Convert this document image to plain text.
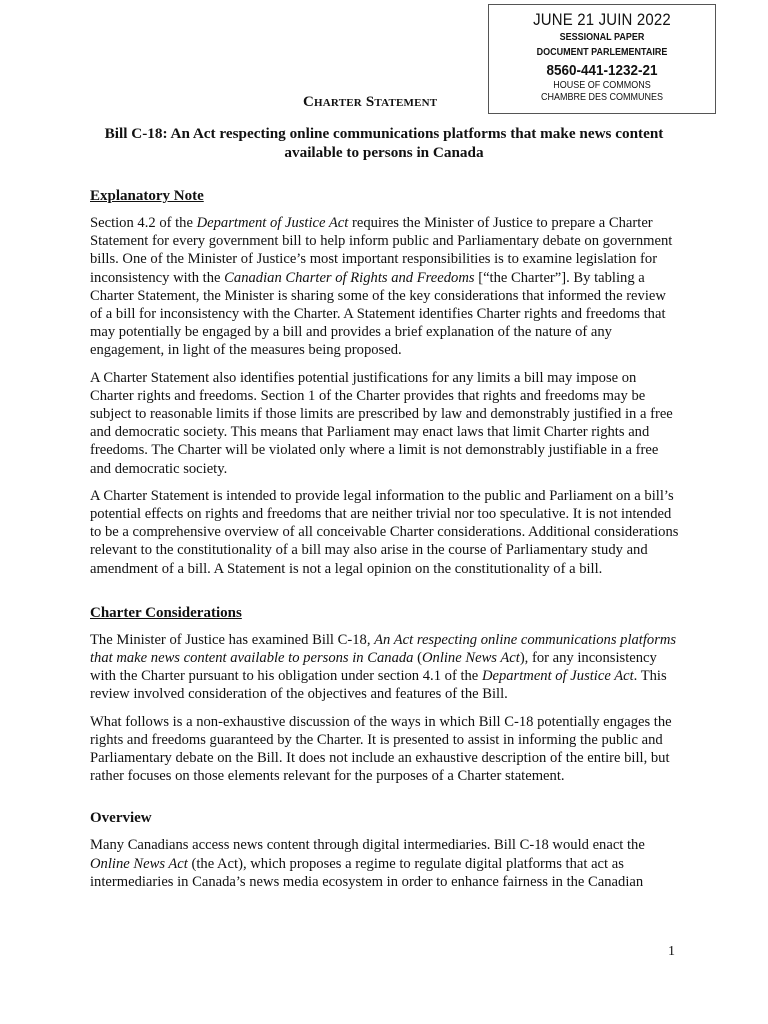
JUNE 21 JUIN 2022
SESSIONAL PAPER
DOCUMENT PARLEMENTAIRE
8560-441-1232-21
HOUSE OF COMMONS
CHAMBRE DES COMMUNES
Charter Statement
Bill C-18: An Act respecting online communications platforms that make news content available to persons in Canada
Explanatory Note

Section 4.2 of the Department of Justice Act requires the Minister of Justice to prepare a Charter Statement for every government bill to help inform public and Parliamentary debate on government bills. One of the Minister of Justice’s most important responsibilities is to examine legislation for inconsistency with the Canadian Charter of Rights and Freedoms [“the Charter”]. By tabling a Charter Statement, the Minister is sharing some of the key considerations that informed the review of a bill for inconsistency with the Charter. A Statement identifies Charter rights and freedoms that may potentially be engaged by a bill and provides a brief explanation of the nature of any engagement, in light of the measures being proposed.

A Charter Statement also identifies potential justifications for any limits a bill may impose on Charter rights and freedoms. Section 1 of the Charter provides that rights and freedoms may be subject to reasonable limits if those limits are prescribed by law and demonstrably justified in a free and democratic society. This means that Parliament may enact laws that limit Charter rights and freedoms. The Charter will be violated only where a limit is not demonstrably justifiable in a free and democratic society.

A Charter Statement is intended to provide legal information to the public and Parliament on a bill’s potential effects on rights and freedoms that are neither trivial nor too speculative. It is not intended to be a comprehensive overview of all conceivable Charter considerations. Additional considerations relevant to the constitutionality of a bill may also arise in the course of Parliamentary study and amendment of a bill. A Statement is not a legal opinion on the constitutionality of a bill.

Charter Considerations

The Minister of Justice has examined Bill C-18, An Act respecting online communications platforms that make news content available to persons in Canada (Online News Act), for any inconsistency with the Charter pursuant to his obligation under section 4.1 of the Department of Justice Act. This review involved consideration of the objectives and features of the Bill.

What follows is a non-exhaustive discussion of the ways in which Bill C-18 potentially engages the rights and freedoms guaranteed by the Charter. It is presented to assist in informing the public and Parliamentary debate on the Bill. It does not include an exhaustive description of the entire bill, but rather focuses on those elements relevant for the purposes of a Charter statement.

Overview

Many Canadians access news content through digital intermediaries. Bill C-18 would enact the Online News Act (the Act), which proposes a regime to regulate digital platforms that act as intermediaries in Canada’s news media ecosystem in order to enhance fairness in the Canadian

1
